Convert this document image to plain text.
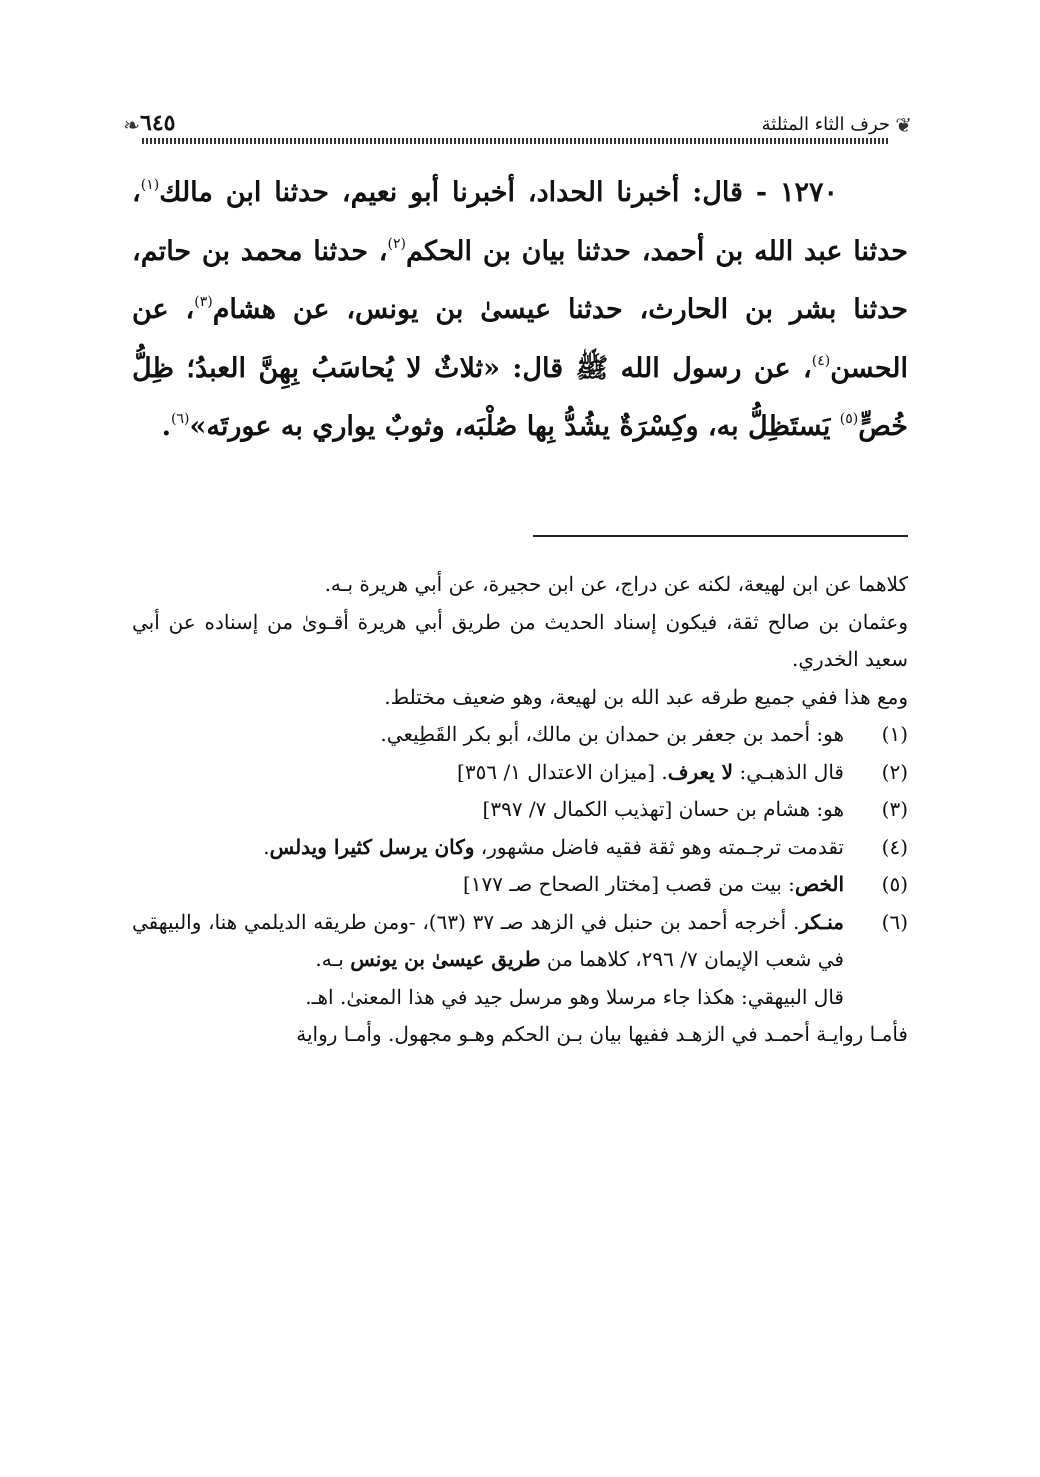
❦
حرف الثاء المثلثة
٦٤٥
❧

١٢٧٠ - قال: أخبرنا الحداد، أخبرنا أبو نعيم، حدثنا ابن مالك$^{(١)}$، حدثنا عبد الله بن أحمد، حدثنا بيان بن الحكم$^{(٢)}$، حدثنا محمد بن حاتم، حدثنا بشر بن الحارث، حدثنا عيسىٰ بن يونس، عن هشام$^{(٣)}$، عن الحسن$^{(٤)}$، عن رسول الله ﷺ قال: «ثلاثٌ لا يُحاسَبُ بِهِنَّ العبدُ؛ ظِلُّ خُصٍّ$^{(٥)}$ يَستَظِلُّ به، وكِسْرَةٌ يشُدُّ بِها صُلْبَه، وثوبٌ يواري به عورتَه»$^{(٦)}$.

كلاهما عن ابن لهيعة، لكنه عن دراج، عن ابن حجيرة، عن أبي هريرة بـه.

وعثمان بن صالح ثقة، فيكون إسناد الحديث من طريق أبي هريرة أقـوىٰ من إسناده عن أبي سعيد الخدري.

ومع هذا ففي جميع طرقه عبد الله بن لهيعة، وهو ضعيف مختلط.

(١)
هو: أحمد بن جعفر بن حمدان بن مالك، أبو بكر القَطِيعي.
(٢)
قال الذهبـي: لا يعرف. [ميزان الاعتدال ١/ ٣٥٦]
(٣)
هو: هشام بن حسان [تهذيب الكمال ٧/ ٣٩٧]
(٤)
تقدمت ترجـمته وهو ثقة فقيه فاضل مشهور، وكان يرسل كثيرا ويدلس.
(٥)
الخص: بيت من قصب [مختار الصحاح صـ ١٧٧]
(٦)
منـكر. أخرجه أحمد بن حنبل في الزهد صـ ٣٧ (٦٣)، -ومن طريقه الديلمي هنا، والبيهقي في شعب الإيمان ٧/ ٢٩٦، كلاهما من طريق عيسىٰ بن يونس بـه.

قال البيهقي: هكذا جاء مرسلا وهو مرسل جيد في هذا المعنىٰ. اهـ.

فأمـا روايـة أحمـد في الزهـد ففيها بيان بـن الحكم وهـو مجهول. وأمـا رواية
